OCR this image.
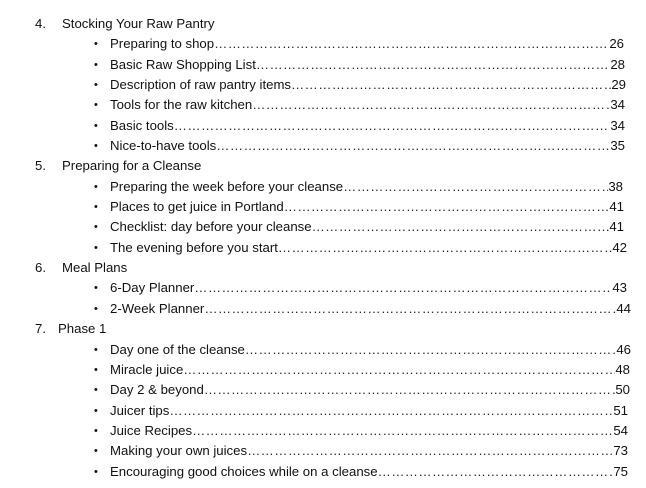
4. Stocking Your Raw Pantry
• Preparing to shop …………………………………………………………………………………………………………………………………………………	26
• Basic Raw Shopping List …………………………………………………………………………………………………………………………………………………	28
• Description of raw pantry items …………………………………………………………………………………………………………………………………………………	29
• Tools for the raw kitchen …………………………………………………………………………………………………………………………………………………	34
• Basic tools …………………………………………………………………………………………………………………………………………………	34
• Nice-to-have tools …………………………………………………………………………………………………………………………………………………	35
5. Preparing for a Cleanse
• Preparing the week before your cleanse …………………………………………………………………………………………………………………………………………………	38
• Places to get juice in Portland …………………………………………………………………………………………………………………………………………………	41
• Checklist: day before your cleanse …………………………………………………………………………………………………………………………………………………	41
• The evening before you start …………………………………………………………………………………………………………………………………………………	42
6. Meal Plans
• 6-Day Planner …………………………………………………………………………………………………………………………………………………	43
• 2-Week Planner …………………………………………………………………………………………………………………………………………………	44
7. Phase 1
• Day one of the cleanse …………………………………………………………………………………………………………………………………………………	46
• Miracle juice …………………………………………………………………………………………………………………………………………………	48
• Day 2 & beyond …………………………………………………………………………………………………………………………………………………	50
• Juicer tips …………………………………………………………………………………………………………………………………………………	51
• Juice Recipes …………………………………………………………………………………………………………………………………………………	54
• Making your own juices …………………………………………………………………………………………………………………………………………………	73
• Encouraging good choices while on a cleanse …………………………………………………………………………………………………………………………………………………	75
